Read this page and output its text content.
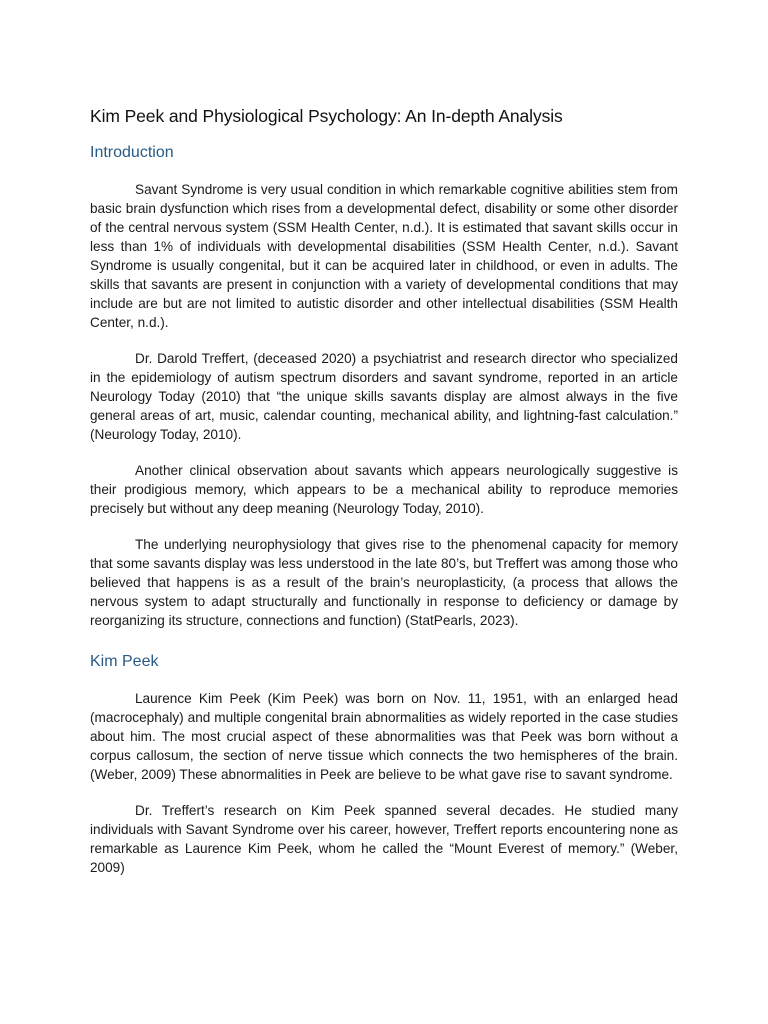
Kim Peek and Physiological Psychology: An In-depth Analysis
Introduction

Savant Syndrome is very usual condition in which remarkable cognitive abilities stem from basic brain dysfunction which rises from a developmental defect, disability or some other disorder of the central nervous system (SSM Health Center, n.d.). It is estimated that savant skills occur in less than 1% of individuals with developmental disabilities (SSM Health Center, n.d.). Savant Syndrome is usually congenital, but it can be acquired later in childhood, or even in adults. The skills that savants are present in conjunction with a variety of developmental conditions that may include are but are not limited to autistic disorder and other intellectual disabilities (SSM Health Center, n.d.).

Dr. Darold Treffert, (deceased 2020) a psychiatrist and research director who specialized in the epidemiology of autism spectrum disorders and savant syndrome, reported in an article Neurology Today (2010) that “the unique skills savants display are almost always in the five general areas of art, music, calendar counting, mechanical ability, and lightning-fast calculation.” (Neurology Today, 2010).

Another clinical observation about savants which appears neurologically suggestive is their prodigious memory, which appears to be a mechanical ability to reproduce memories precisely but without any deep meaning (Neurology Today, 2010).

The underlying neurophysiology that gives rise to the phenomenal capacity for memory that some savants display was less understood in the late 80’s, but Treffert was among those who believed that happens is as a result of the brain’s neuroplasticity, (a process that allows the nervous system to adapt structurally and functionally in response to deficiency or damage by reorganizing its structure, connections and function) (StatPearls, 2023).

Kim Peek

Laurence Kim Peek (Kim Peek) was born on Nov. 11, 1951, with an enlarged head (macrocephaly) and multiple congenital brain abnormalities as widely reported in the case studies about him. The most crucial aspect of these abnormalities was that Peek was born without a corpus callosum, the section of nerve tissue which connects the two hemispheres of the brain. (Weber, 2009) These abnormalities in Peek are believe to be what gave rise to savant syndrome.

Dr. Treffert’s research on Kim Peek spanned several decades. He studied many individuals with Savant Syndrome over his career, however, Treffert reports encountering none as remarkable as Laurence Kim Peek, whom he called the “Mount Everest of memory.” (Weber, 2009)
